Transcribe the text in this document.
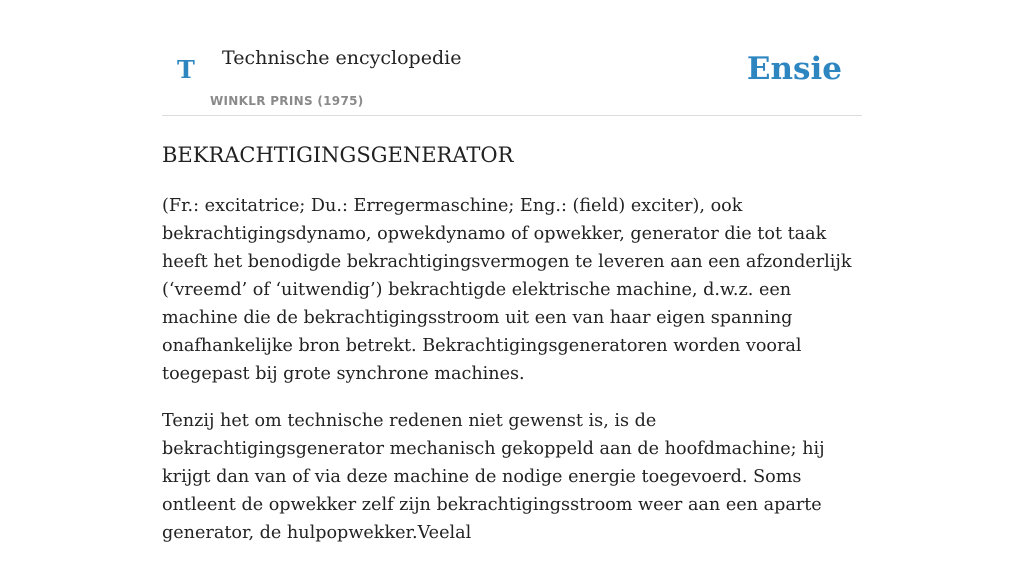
T Technische encyclopedie
WINKLR PRINS (1975)
Ensie
BEKRACHTIGINGSGENERATOR

(Fr.: excitatrice; Du.: Erregermaschine; Eng.: (field) exciter), ook bekrachtigingsdynamo, opwekdynamo of opwekker, generator die tot taak heeft het benodigde bekrachtigingsvermogen te leveren aan een afzonderlijk (‘vreemd’ of ‘uitwendig’) bekrachtigde elektrische machine, d.w.z. een machine die de bekrachtigingsstroom uit een van haar eigen spanning onafhankelijke bron betrekt. Bekrachtigingsgeneratoren worden vooral toegepast bij grote synchrone machines.

Tenzij het om technische redenen niet gewenst is, is de bekrachtigingsgenerator mechanisch gekoppeld aan de hoofdmachine; hij krijgt dan van of via deze machine de nodige energie toegevoerd. Soms ontleent de opwekker zelf zijn bekrachtigingsstroom weer aan een aparte generator, de hulpopwekker.Veelal
